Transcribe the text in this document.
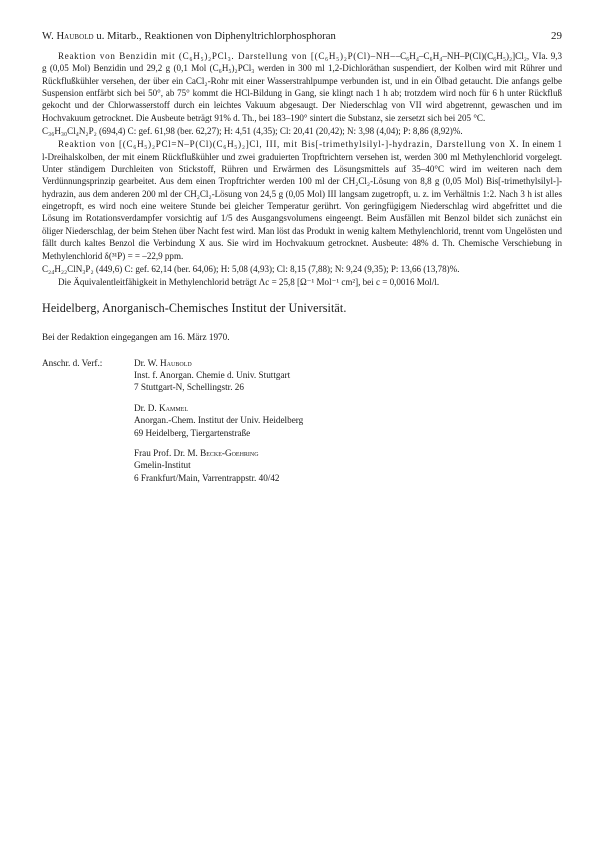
W. Haubold u. Mitarb., Reaktionen von Diphenyltrichlorphosphoran	29

Reaktion von Benzidin mit (C₆H₅)₂PCl₃. Darstellung von [(C₆H₅)₂P(Cl)–NH––C₆H₄–C₆H₄–NH–P(Cl)(C₆H₅)₂]Cl₂, VIa. 9,3 g (0,05 Mol) Benzidin und 29,2 g (0,1 Mol (C₆H₅)₂PCl₃ werden in 300 ml 1,2-Dichloräthan suspendiert, der Kolben wird mit Rührer und Rückflußkühler versehen, der über ein CaCl₂-Rohr mit einer Wasserstrahlpumpe verbunden ist, und in ein Ölbad getaucht. Die anfangs gelbe Suspension entfärbt sich bei 50°, ab 75° kommt die HCl-Bildung in Gang, sie klingt nach 1 h ab; trotzdem wird noch für 6 h unter Rückfluß gekocht und der Chlorwasserstoff durch ein leichtes Vakuum abgesaugt. Der Niederschlag von VII wird abgetrennt, gewaschen und im Hochvakuum getrocknet. Die Ausbeute beträgt 91% d. Th., bei 183–190° sintert die Substanz, sie zersetzt sich bei 205 °C.

C₃₆H₃₀Cl₄N₂P₂ (694,4) C: gef. 61,98 (ber. 62,27); H: 4,51 (4,35); Cl: 20,41 (20,42); N: 3,98 (4,04); P: 8,86 (8,92)%.

Reaktion von [(C₆H₅)₂PCl=N–P(Cl)(C₆H₅)₂]Cl, III, mit Bis[-trimethylsilyl-]-hydrazin, Darstellung von X. In einem 1 l-Dreihalskolben, der mit einem Rückflußkühler und zwei graduierten Tropftrichtern versehen ist, werden 300 ml Methylenchlorid vorgelegt. Unter ständigem Durchleiten von Stickstoff, Rühren und Erwärmen des Lösungsmittels auf 35–40°C wird im weiteren nach dem Verdünnungsprinzip gearbeitet. Aus dem einen Tropftrichter werden 100 ml der CH₂Cl₂-Lösung von 8,8 g (0,05 Mol) Bis[-trimethylsilyl-]-hydrazin, aus dem anderen 200 ml der CH₂Cl₂-Lösung von 24,5 g (0,05 Mol) III langsam zugetropft, u. z. im Verhältnis 1:2. Nach 3 h ist alles eingetropft, es wird noch eine weitere Stunde bei gleicher Temperatur gerührt. Von geringfügigem Niederschlag wird abgefrittet und die Lösung im Rotationsverdampfer vorsichtig auf 1/5 des Ausgangsvolumens eingeengt. Beim Ausfällen mit Benzol bildet sich zunächst ein öliger Niederschlag, der beim Stehen über Nacht fest wird. Man löst das Produkt in wenig kaltem Methylenchlorid, trennt vom Ungelösten und fällt durch kaltes Benzol die Verbindung X aus. Sie wird im Hochvakuum getrocknet. Ausbeute: 48% d. Th. Chemische Verschiebung in Methylenchlorid δ(³¹P) = = –22,9 ppm.

C₂₄H₂₂ClN₃P₂ (449,6) C: gef. 62,14 (ber. 64,06); H: 5,08 (4,93); Cl: 8,15 (7,88); N: 9,24 (9,35); P: 13,66 (13,78)%.

Die Äquivalentleitfähigkeit in Methylenchlorid beträgt Λc = 25,8 [Ω⁻¹ Mol⁻¹ cm²], bei c = 0,0016 Mol/l.

Heidelberg, Anorganisch-Chemisches Institut der Universität.

Bei der Redaktion eingegangen am 16. März 1970.

Anschr. d. Verf.:	Dr. W. Haubold
Inst. f. Anorgan. Chemie d. Univ. Stuttgart
7 Stuttgart-N, Schellingstr. 26
Dr. D. Kammel
Anorgan.-Chem. Institut der Univ. Heidelberg
69 Heidelberg, Tiergartenstraße
Frau Prof. Dr. M. Becke-Goehring
Gmelin-Institut
6 Frankfurt/Main, Varrentrappstr. 40/42
